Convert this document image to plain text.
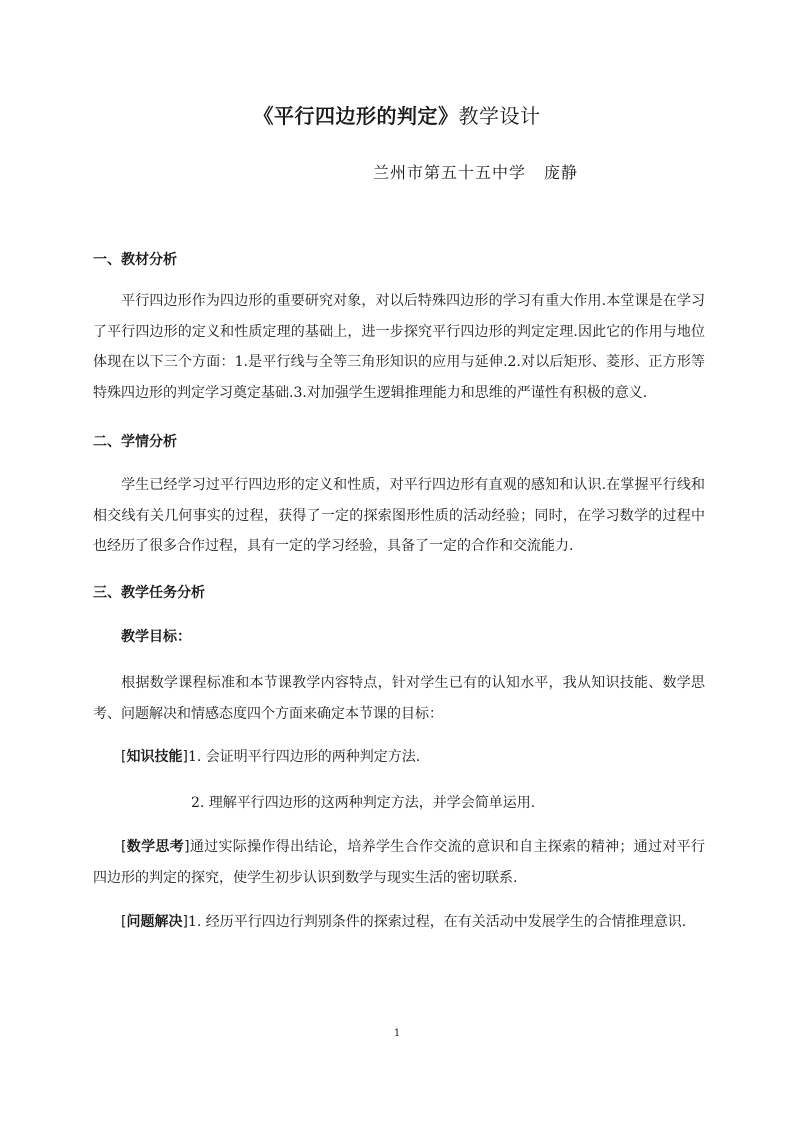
《平行四边形的判定》教学设计
兰州市第五十五中学 庞静
一、教材分析
平行四边形作为四边形的重要研究对象，对以后特殊四边形的学习有重大作用.本堂课是在学习了平行四边形的定义和性质定理的基础上，进一步探究平行四边形的判定定理.因此它的作用与地位体现在以下三个方面：1.是平行线与全等三角形知识的应用与延伸.2.对以后矩形、菱形、正方形等特殊四边形的判定学习奠定基础.3.对加强学生逻辑推理能力和思维的严谨性有积极的意义.
二、学情分析
学生已经学习过平行四边形的定义和性质，对平行四边形有直观的感知和认识.在掌握平行线和相交线有关几何事实的过程，获得了一定的探索图形性质的活动经验；同时，在学习数学的过程中也经历了很多合作过程，具有一定的学习经验，具备了一定的合作和交流能力.
三、教学任务分析
教学目标：
根据数学课程标准和本节课教学内容特点，针对学生已有的认知水平，我从知识技能、数学思考、问题解决和情感态度四个方面来确定本节课的目标：
[知识技能]1. 会证明平行四边形的两种判定方法.
2. 理解平行四边形的这两种判定方法，并学会简单运用.
[数学思考]通过实际操作得出结论，培养学生合作交流的意识和自主探索的精神；通过对平行四边形的判定的探究，使学生初步认识到数学与现实生活的密切联系.
[问题解决]1. 经历平行四边行判别条件的探索过程，在有关活动中发展学生的合情推理意识.
1
